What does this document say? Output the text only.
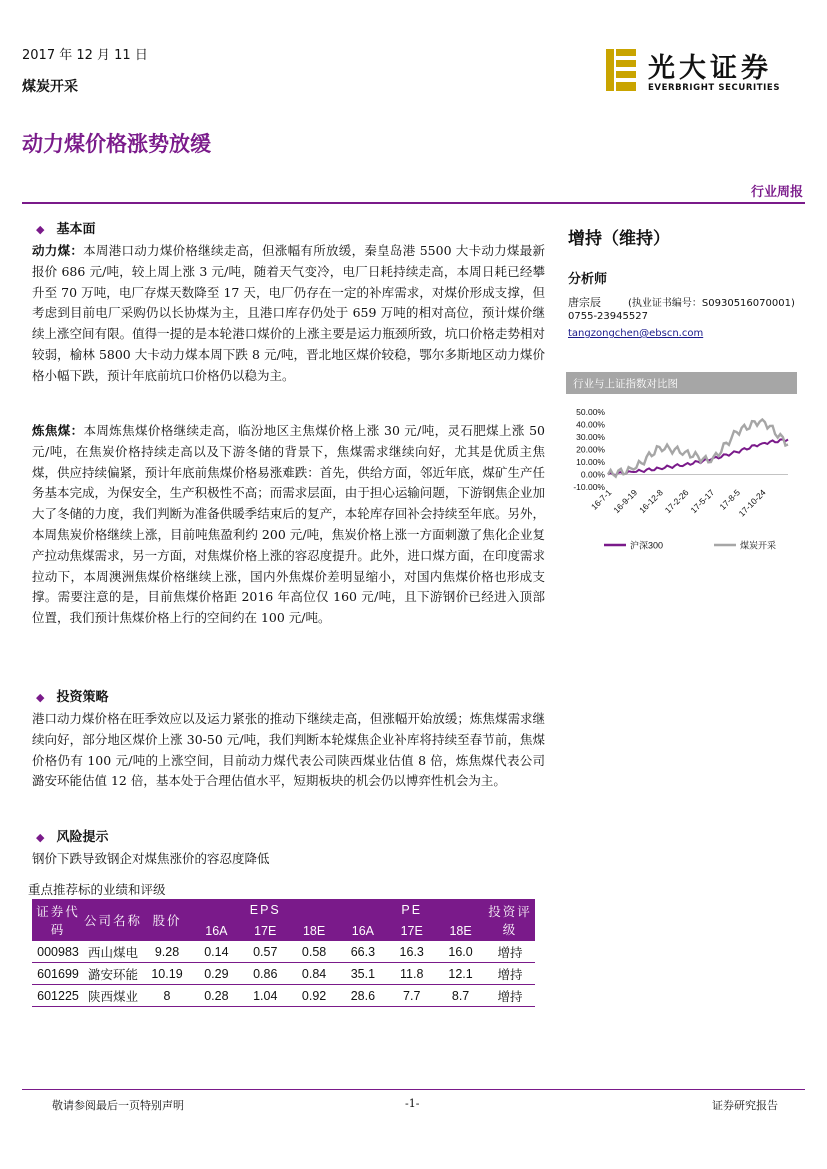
2017 年 12 月 11 日
煤炭开采
动力煤价格涨势放缓
光大证券
EVERBRIGHT SECURITIES
行业周报
◆ 基本面
动力煤：本周港口动力煤价格继续走高，但涨幅有所放缓，秦皇岛港 5500 大卡动力煤最新报价 686 元/吨，较上周上涨 3 元/吨，随着天气变冷，电厂日耗持续走高，本周日耗已经攀升至 70 万吨，电厂存煤天数降至 17 天，电厂仍存在一定的补库需求，对煤价形成支撑，但考虑到目前电厂采购仍以长协煤为主，且港口库存仍处于 659 万吨的相对高位，预计煤价继续上涨空间有限。值得一提的是本轮港口煤价的上涨主要是运力瓶颈所致，坑口价格走势相对较弱，榆林 5800 大卡动力煤本周下跌 8 元/吨，晋北地区煤价较稳，鄂尔多斯地区动力煤价格小幅下跌，预计年底前坑口价格仍以稳为主。
炼焦煤：本周炼焦煤价格继续走高，临汾地区主焦煤价格上涨 30 元/吨，灵石肥煤上涨 50 元/吨，在焦炭价格持续走高以及下游冬储的背景下，焦煤需求继续向好，尤其是优质主焦煤，供应持续偏紧，预计年底前焦煤价格易涨难跌：首先，供给方面，邻近年底，煤矿生产任务基本完成，为保安全，生产积极性不高；而需求层面，由于担心运输问题，下游钢焦企业加大了冬储的力度，我们判断为准备供暖季结束后的复产，本轮库存回补会持续至年底。另外，本周焦炭价格继续上涨，目前吨焦盈利约 200 元/吨，焦炭价格上涨一方面刺激了焦化企业复产拉动焦煤需求，另一方面，对焦煤价格上涨的容忍度提升。此外，进口煤方面，在印度需求拉动下，本周澳洲焦煤价格继续上涨，国内外焦煤价差明显缩小，对国内焦煤价格也形成支撑。需要注意的是，目前焦煤价格距 2016 年高位仅 160 元/吨，且下游钢价已经进入顶部位置，我们预计焦煤价格上行的空间约在 100 元/吨。
◆ 投资策略
港口动力煤价格在旺季效应以及运力紧张的推动下继续走高，但涨幅开始放缓；炼焦煤需求继续向好，部分地区煤价上涨 30-50 元/吨，我们判断本轮煤焦企业补库将持续至春节前，焦煤价格仍有 100 元/吨的上涨空间，目前动力煤代表公司陕西煤业估值 8 倍，炼焦煤代表公司潞安环能估值 12 倍，基本处于合理估值水平，短期板块的机会仍以博弈性机会为主。
◆ 风险提示
钢价下跌导致钢企对煤焦涨价的容忍度降低
重点推荐标的业绩和评级
证券代码	公司名称	股价	EPS			PE			投资评级
			16A	17E	18E	16A	17E	18E	
000983	西山煤电	9.28	0.14	0.57	0.58	66.3	16.3	16.0	增持
601699	潞安环能	10.19	0.29	0.86	0.84	35.1	11.8	12.1	增持
601225	陕西煤业	8	0.28	1.04	0.92	28.6	7.7	8.7	增持
增持（维持）
分析师
唐宗辰	(执业证书编号：S0930516070001)
0755-23945527
tangzongchen@ebscn.com
行业与上证指数对比图
50.00%
40.00%
30.00%
20.00%
10.00%
0.00%
-10.00%
16-7-1
16-9-19
16-12-8
17-2-26
17-5-17 17-8-5
17-10-24
沪深300	煤炭开采
敬请参阅最后一页特别声明	-1-	证券研究报告
